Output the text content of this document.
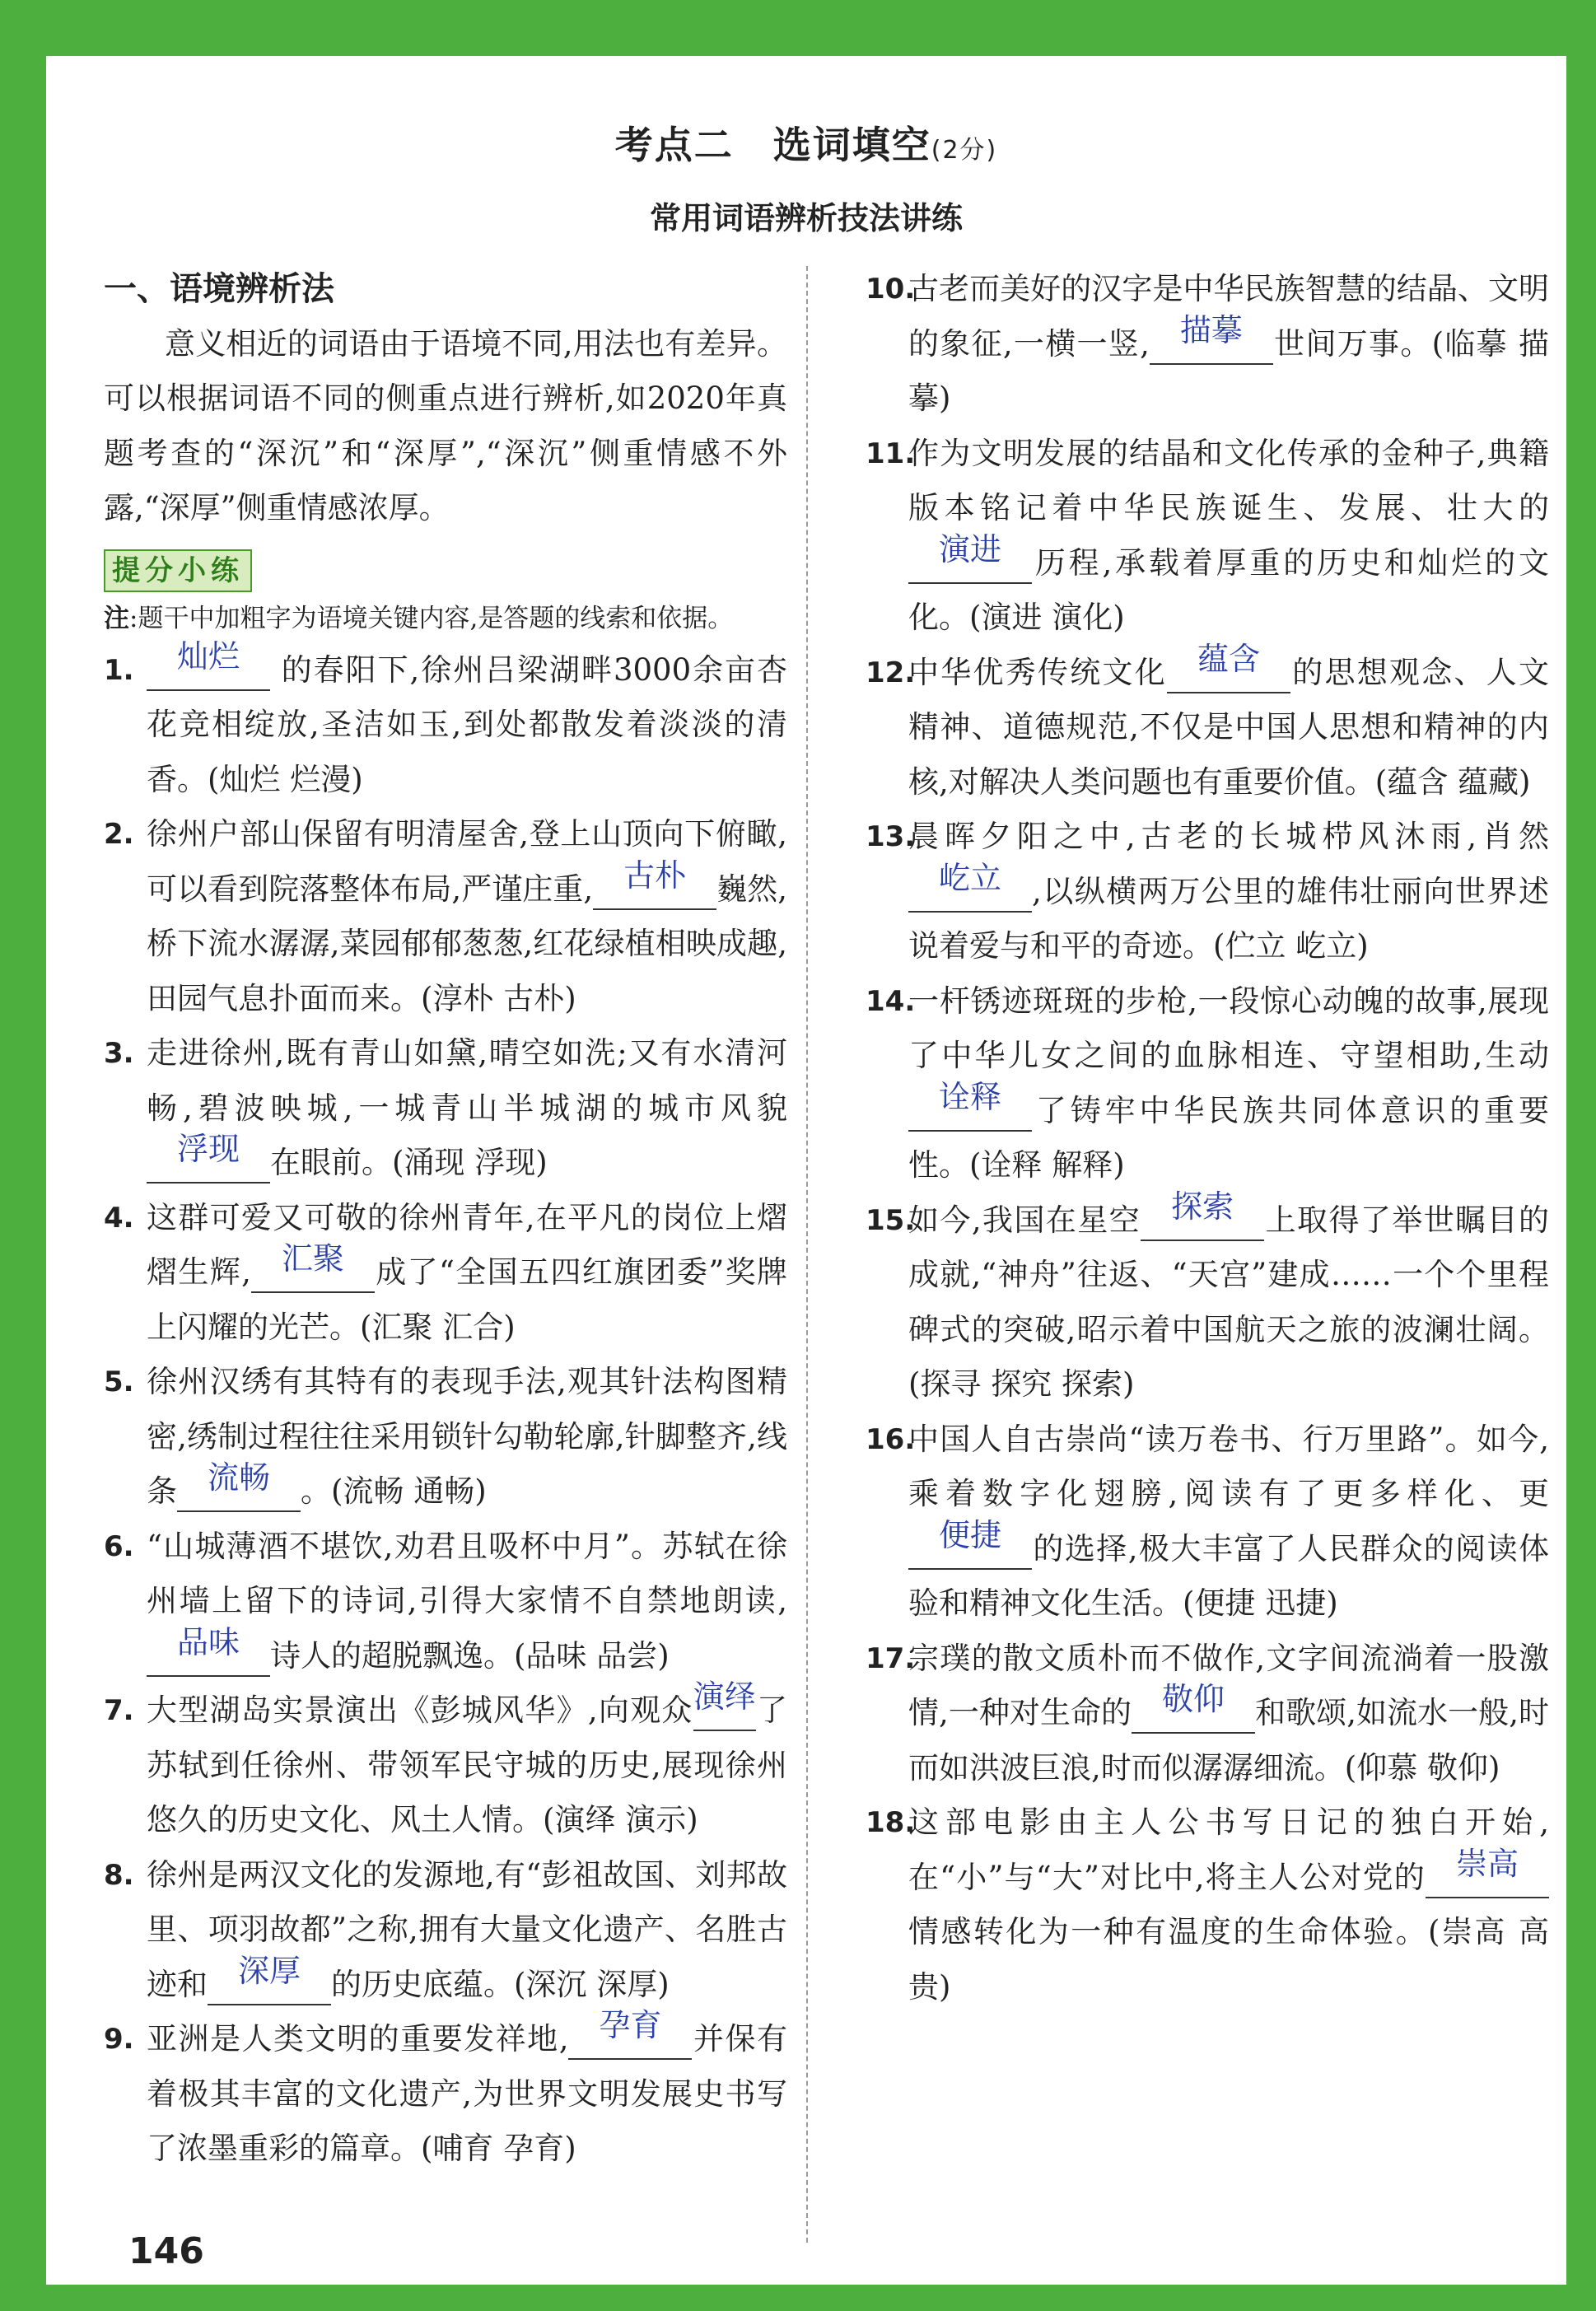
考点二　选词填空(2分)
常用词语辨析技法讲练
一、语境辨析法
意义相近的词语由于语境不同,用法也有差异。可以根据词语不同的侧重点进行辨析,如2020年真题考查的“深沉”和“深厚”,“深沉”侧重情感不外露,“深厚”侧重情感浓厚。
提分小练
注:题干中加粗字为语境关键内容,是答题的线索和依据。
1. 灿烂 的春阳下,徐州吕梁湖畔3000余亩杏花竞相绽放,圣洁如玉,到处都散发着淡淡的清香。(灿烂 烂漫)
2. 徐州户部山保留有明清屋舍,登上山顶向下俯瞰,可以看到院落整体布局,严谨庄重, 古朴 巍然,桥下流水潺潺,菜园郁郁葱葱,红花绿植相映成趣,田园气息扑面而来。(淳朴 古朴)
3. 走进徐州,既有青山如黛,晴空如洗;又有水清河畅,碧波映城,一城青山半城湖的城市风貌浮现 在眼前。(涌现 浮现)
4. 这群可爱又可敬的徐州青年,在平凡的岗位上熠熠生辉, 汇聚 成了“全国五四红旗团委”奖牌上闪耀的光芒。(汇聚 汇合)
5. 徐州汉绣有其特有的表现手法,观其针法构图精密,绣制过程往往采用锁针勾勒轮廓,针脚整齐,线条 流畅 。(流畅 通畅)
6. “山城薄酒不堪饮,劝君且吸杯中月”。苏轼在徐州墙上留下的诗词,引得大家情不自禁地朗读,品味 诗人的超脱飘逸。(品味 品尝)
7. 大型湖岛实景演出《彭城风华》,向观众演绎了苏轼到任徐州、带领军民守城的历史,展现徐州悠久的历史文化、风土人情。(演绎 演示)
8. 徐州是两汉文化的发源地,有“彭祖故国、刘邦故里、项羽故都”之称,拥有大量文化遗产、名胜古迹和 深厚 的历史底蕴。(深沉 深厚)
9. 亚洲是人类文明的重要发祥地, 孕育 并保有着极其丰富的文化遗产,为世界文明发展史书写了浓墨重彩的篇章。(哺育 孕育)
10.
古老而美好的汉字是中华民族智慧的结晶、文明的象征,一横一竖, 描摹 世间万事。(临摹 描摹)
11.
作为文明发展的结晶和文化传承的金种子,典籍版本铭记着中华民族诞生、发展、壮大的演进 历程,承载着厚重的历史和灿烂的文化。(演进 演化)
12.
中华优秀传统文化 蕴含 的思想观念、人文精神、道德规范,不仅是中国人思想和精神的内核,对解决人类问题也有重要价值。(蕴含 蕴藏)
13.
晨晖夕阳之中,古老的长城栉风沐雨,肖然屹立 ,以纵横两万公里的雄伟壮丽向世界述说着爱与和平的奇迹。(伫立 屹立)
14.
一杆锈迹斑斑的步枪,一段惊心动魄的故事,展现了中华儿女之间的血脉相连、守望相助,生动诠释 了铸牢中华民族共同体意识的重要性。(诠释 解释)
15.
如今,我国在星空 探索 上取得了举世瞩目的成就,“神舟”往返、“天宫”建成……一个个里程碑式的突破,昭示着中国航天之旅的波澜壮阔。(探寻 探究 探索)
16.
中国人自古崇尚“读万卷书、行万里路”。如今,乘着数字化翅膀,阅读有了更多样化、更便捷 的选择,极大丰富了人民群众的阅读体验和精神文化生活。(便捷 迅捷)
17.
宗璞的散文质朴而不做作,文字间流淌着一股激情,一种对生命的 敬仰 和歌颂,如流水一般,时而如洪波巨浪,时而似潺潺细流。(仰慕 敬仰)
18.
这部电影由主人公书写日记的独白开始,在“小”与“大”对比中,将主人公对党的 崇高情感转化为一种有温度的生命体验。(崇高 高贵)
146
